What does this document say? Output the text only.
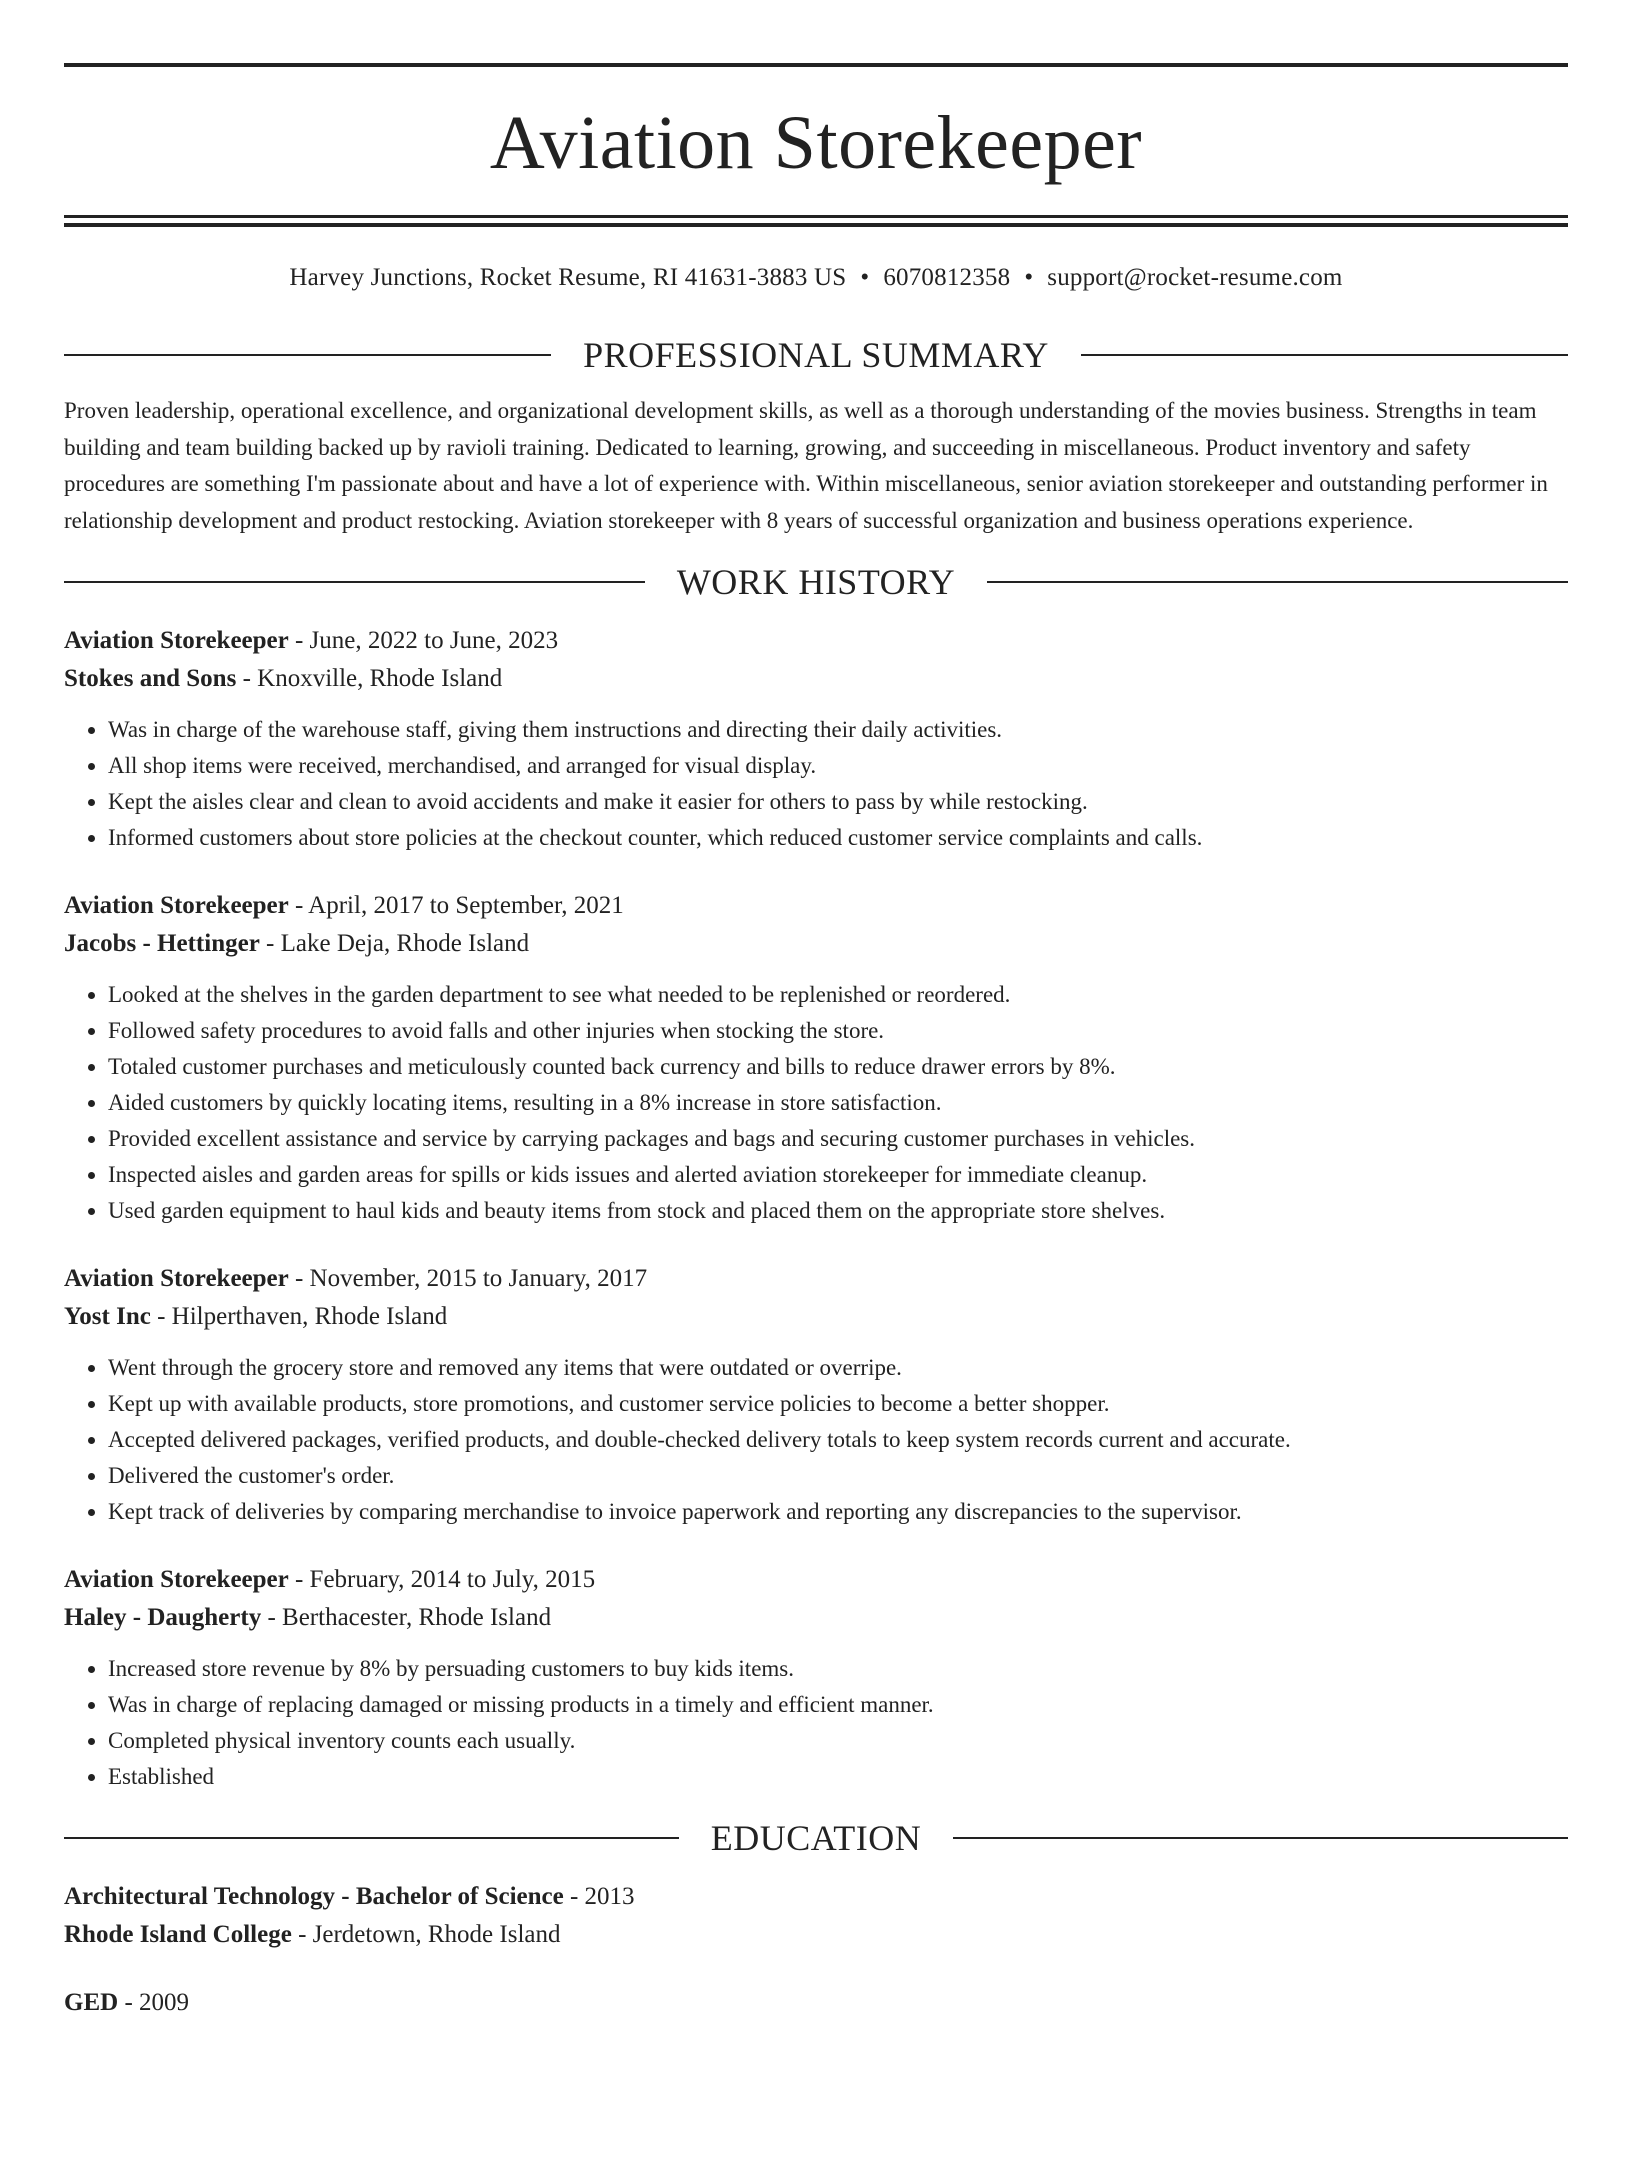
Aviation Storekeeper
Harvey Junctions, Rocket Resume, RI 41631-3883 US • 6070812358 • support@rocket-resume.com
PROFESSIONAL SUMMARY
Proven leadership, operational excellence, and organizational development skills, as well as a thorough understanding of the movies business. Strengths in team building and team building backed up by ravioli training. Dedicated to learning, growing, and succeeding in miscellaneous. Product inventory and safety procedures are something I'm passionate about and have a lot of experience with. Within miscellaneous, senior aviation storekeeper and outstanding performer in relationship development and product restocking. Aviation storekeeper with 8 years of successful organization and business operations experience.
WORK HISTORY
Aviation Storekeeper - June, 2022 to June, 2023
Stokes and Sons - Knoxville, Rhode Island
• Was in charge of the warehouse staff, giving them instructions and directing their daily activities.
• All shop items were received, merchandised, and arranged for visual display.
• Kept the aisles clear and clean to avoid accidents and make it easier for others to pass by while restocking.
• Informed customers about store policies at the checkout counter, which reduced customer service complaints and calls.
Aviation Storekeeper - April, 2017 to September, 2021
Jacobs - Hettinger - Lake Deja, Rhode Island
• Looked at the shelves in the garden department to see what needed to be replenished or reordered.
• Followed safety procedures to avoid falls and other injuries when stocking the store.
• Totaled customer purchases and meticulously counted back currency and bills to reduce drawer errors by 8%.
• Aided customers by quickly locating items, resulting in a 8% increase in store satisfaction.
• Provided excellent assistance and service by carrying packages and bags and securing customer purchases in vehicles.
• Inspected aisles and garden areas for spills or kids issues and alerted aviation storekeeper for immediate cleanup.
• Used garden equipment to haul kids and beauty items from stock and placed them on the appropriate store shelves.
Aviation Storekeeper - November, 2015 to January, 2017
Yost Inc - Hilperthaven, Rhode Island
• Went through the grocery store and removed any items that were outdated or overripe.
• Kept up with available products, store promotions, and customer service policies to become a better shopper.
• Accepted delivered packages, verified products, and double-checked delivery totals to keep system records current and accurate.
• Delivered the customer's order.
• Kept track of deliveries by comparing merchandise to invoice paperwork and reporting any discrepancies to the supervisor.
Aviation Storekeeper - February, 2014 to July, 2015
Haley - Daugherty - Berthacester, Rhode Island
• Increased store revenue by 8% by persuading customers to buy kids items.
• Was in charge of replacing damaged or missing products in a timely and efficient manner.
• Completed physical inventory counts each usually.
• Established
EDUCATION
Architectural Technology - Bachelor of Science - 2013
Rhode Island College - Jerdetown, Rhode Island
GED - 2009
